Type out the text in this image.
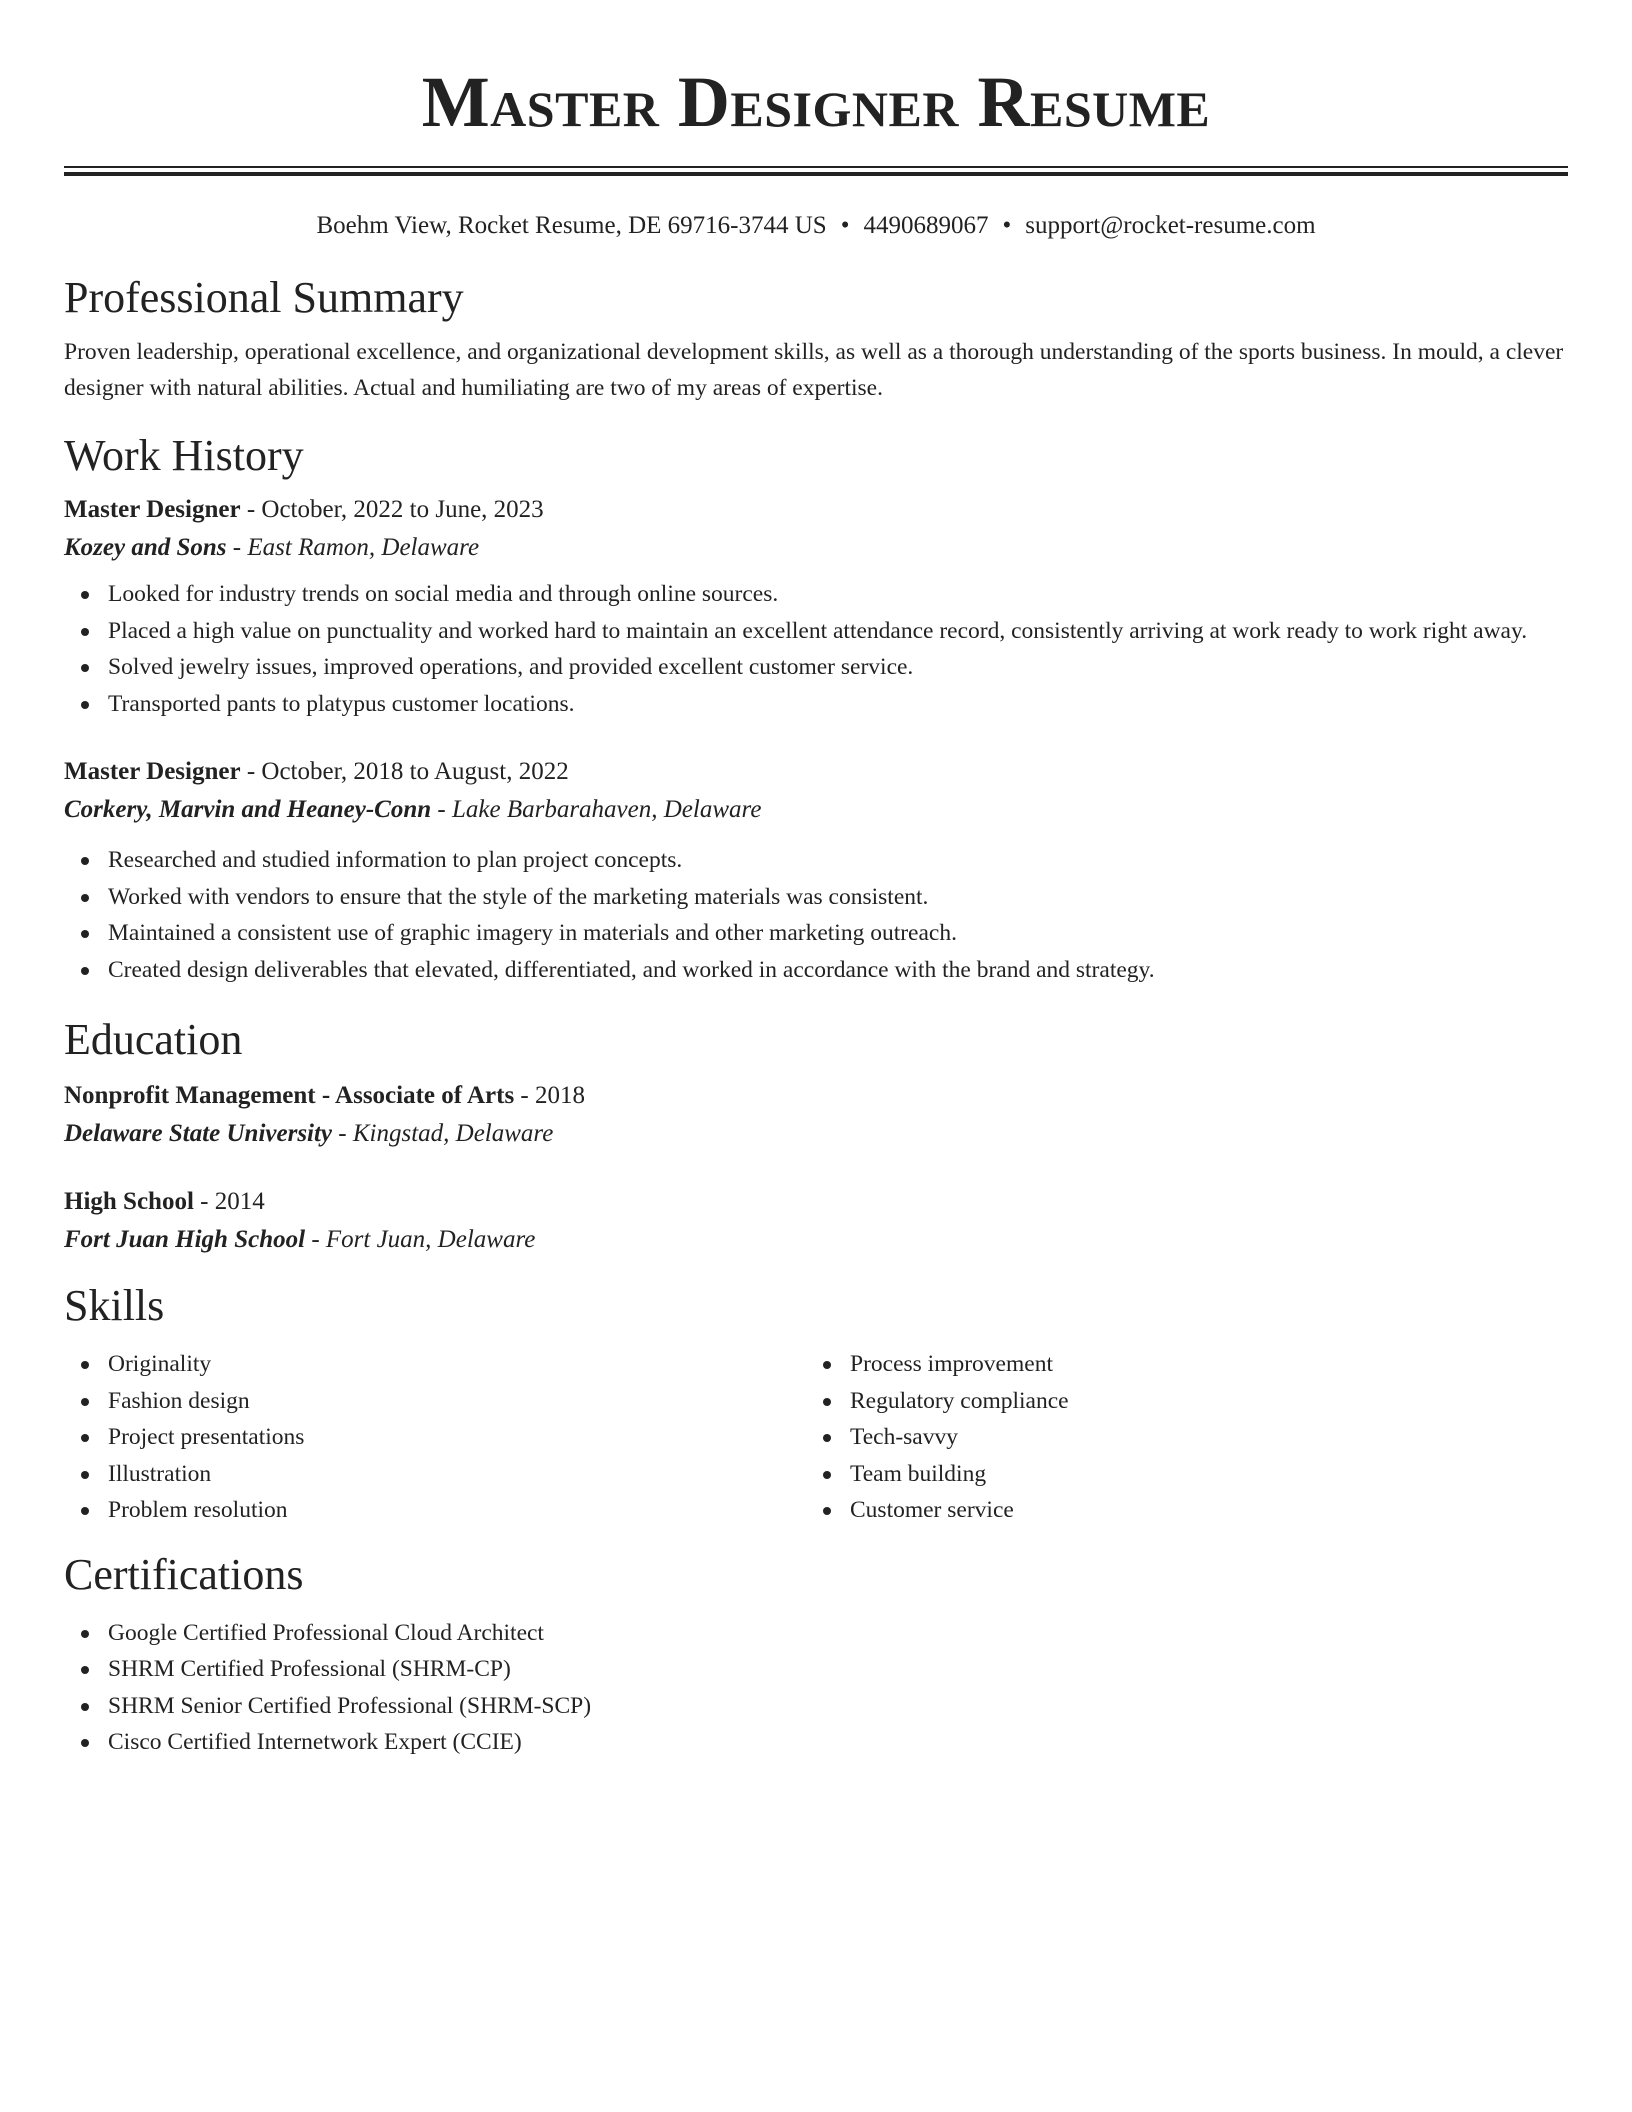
Master Designer Resume
Boehm View, Rocket Resume, DE 69716-3744 US • 4490689067 • support@rocket-resume.com
Professional Summary

Proven leadership, operational excellence, and organizational development skills, as well as a thorough understanding of the sports business. In mould, a clever designer with natural abilities. Actual and humiliating are two of my areas of expertise.

Work History

Master Designer - October, 2022 to June, 2023

Kozey and Sons - East Ramon, Delaware

Looked for industry trends on social media and through online sources.
Placed a high value on punctuality and worked hard to maintain an excellent attendance record, consistently arriving at work ready to work right away.
Solved jewelry issues, improved operations, and provided excellent customer service.
Transported pants to platypus customer locations.

Master Designer - October, 2018 to August, 2022

Corkery, Marvin and Heaney-Conn - Lake Barbarahaven, Delaware

Researched and studied information to plan project concepts.
Worked with vendors to ensure that the style of the marketing materials was consistent.
Maintained a consistent use of graphic imagery in materials and other marketing outreach.
Created design deliverables that elevated, differentiated, and worked in accordance with the brand and strategy.
Education

Nonprofit Management - Associate of Arts - 2018

Delaware State University - Kingstad, Delaware

High School - 2014

Fort Juan High School - Fort Juan, Delaware

Skills
Originality
Fashion design
Project presentations
Illustration
Problem resolution
Process improvement
Regulatory compliance
Tech-savvy
Team building
Customer service
Certifications
Google Certified Professional Cloud Architect
SHRM Certified Professional (SHRM-CP)
SHRM Senior Certified Professional (SHRM-SCP)
Cisco Certified Internetwork Expert (CCIE)
